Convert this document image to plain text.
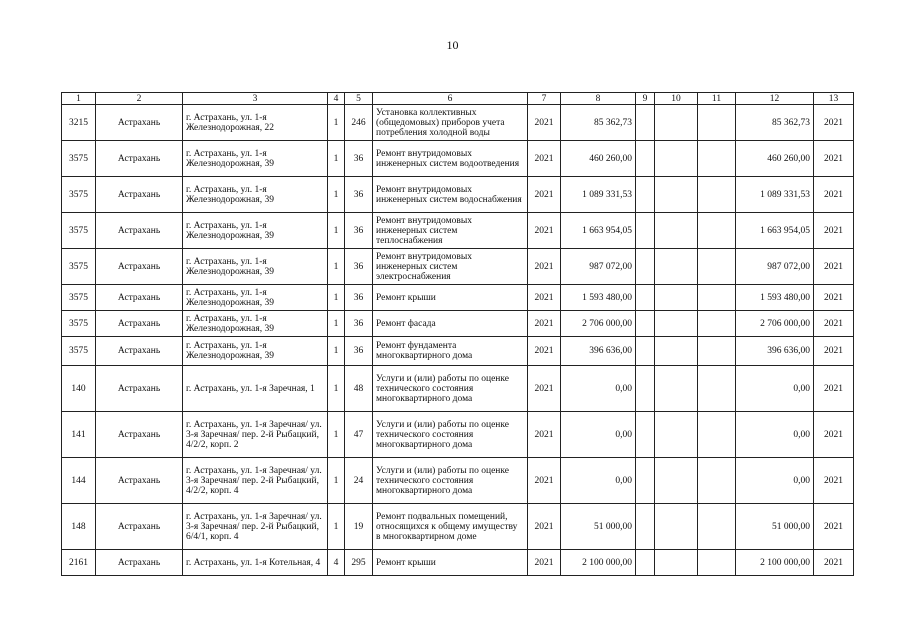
10
1	2	3	4	5	6	7	8	9	10	11	12	13
3215	Астрахань	г. Астрахань, ул. 1-я Железнодорожная, 22	1	246	Установка коллективных (общедомовых) приборов учета потребления холодной воды	2021	85 362,73				85 362,73	2021
3575	Астрахань	г. Астрахань, ул. 1-я Железнодорожная, 39	1	36	Ремонт внутридомовых инженерных систем водоотведения	2021	460 260,00				460 260,00	2021
3575	Астрахань	г. Астрахань, ул. 1-я Железнодорожная, 39	1	36	Ремонт внутридомовых инженерных систем водоснабжения	2021	1 089 331,53				1 089 331,53	2021
3575	Астрахань	г. Астрахань, ул. 1-я Железнодорожная, 39	1	36	Ремонт внутридомовых инженерных систем теплоснабжения	2021	1 663 954,05				1 663 954,05	2021
3575	Астрахань	г. Астрахань, ул. 1-я Железнодорожная, 39	1	36	Ремонт внутридомовых инженерных систем электроснабжения	2021	987 072,00				987 072,00	2021
3575	Астрахань	г. Астрахань, ул. 1-я Железнодорожная, 39	1	36	Ремонт крыши	2021	1 593 480,00				1 593 480,00	2021
3575	Астрахань	г. Астрахань, ул. 1-я Железнодорожная, 39	1	36	Ремонт фасада	2021	2 706 000,00				2 706 000,00	2021
3575	Астрахань	г. Астрахань, ул. 1-я Железнодорожная, 39	1	36	Ремонт фундамента многоквартирного дома	2021	396 636,00				396 636,00	2021
140	Астрахань	г. Астрахань, ул. 1-я Заречная, 1	1	48	Услуги и (или) работы по оценке технического состояния многоквартирного дома	2021	0,00				0,00	2021
141	Астрахань	г. Астрахань, ул. 1-я Заречная/ ул. 3-я Заречная/ пер. 2-й Рыбацкий, 4/2/2, корп. 2	1	47	Услуги и (или) работы по оценке технического состояния многоквартирного дома	2021	0,00				0,00	2021
144	Астрахань	г. Астрахань, ул. 1-я Заречная/ ул. 3-я Заречная/ пер. 2-й Рыбацкий, 4/2/2, корп. 4	1	24	Услуги и (или) работы по оценке технического состояния многоквартирного дома	2021	0,00				0,00	2021
148	Астрахань	г. Астрахань, ул. 1-я Заречная/ ул. 3-я Заречная/ пер. 2-й Рыбацкий, 6/4/1, корп. 4	1	19	Ремонт подвальных помещений, относящихся к общему имуществу в многоквартирном доме	2021	51 000,00				51 000,00	2021
2161	Астрахань	г. Астрахань, ул. 1-я Котельная, 4	4	295	Ремонт крыши	2021	2 100 000,00				2 100 000,00	2021
